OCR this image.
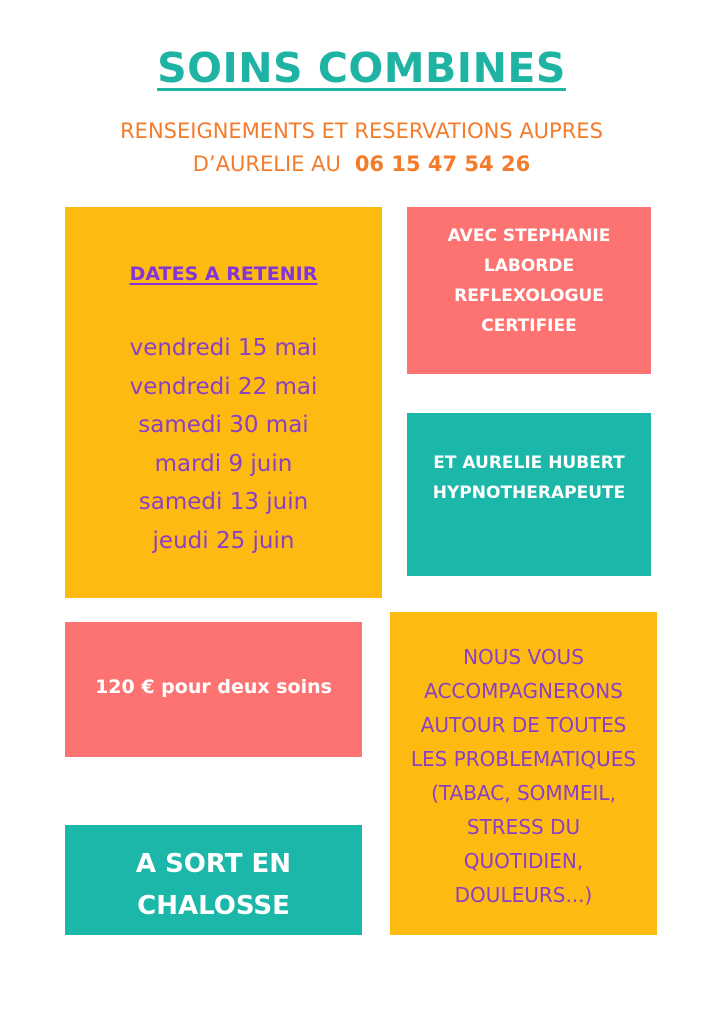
SOINS COMBINES
RENSEIGNEMENTS ET RESERVATIONS AUPRES
D’AURELIE AU 06 15 47 54 26
DATES A RETENIR
vendredi 15 mai
vendredi 22 mai
samedi 30 mai
mardi 9 juin
samedi 13 juin
jeudi 25 juin
AVEC STEPHANIE
LABORDE
REFLEXOLOGUE
CERTIFIEE
ET AURELIE HUBERT
HYPNOTHERAPEUTE
120 € pour deux soins
NOUS VOUS
ACCOMPAGNERONS
AUTOUR DE TOUTES
LES PROBLEMATIQUES
(TABAC, SOMMEIL,
STRESS DU
QUOTIDIEN,
DOULEURS...)
A SORT EN
CHALOSSE
